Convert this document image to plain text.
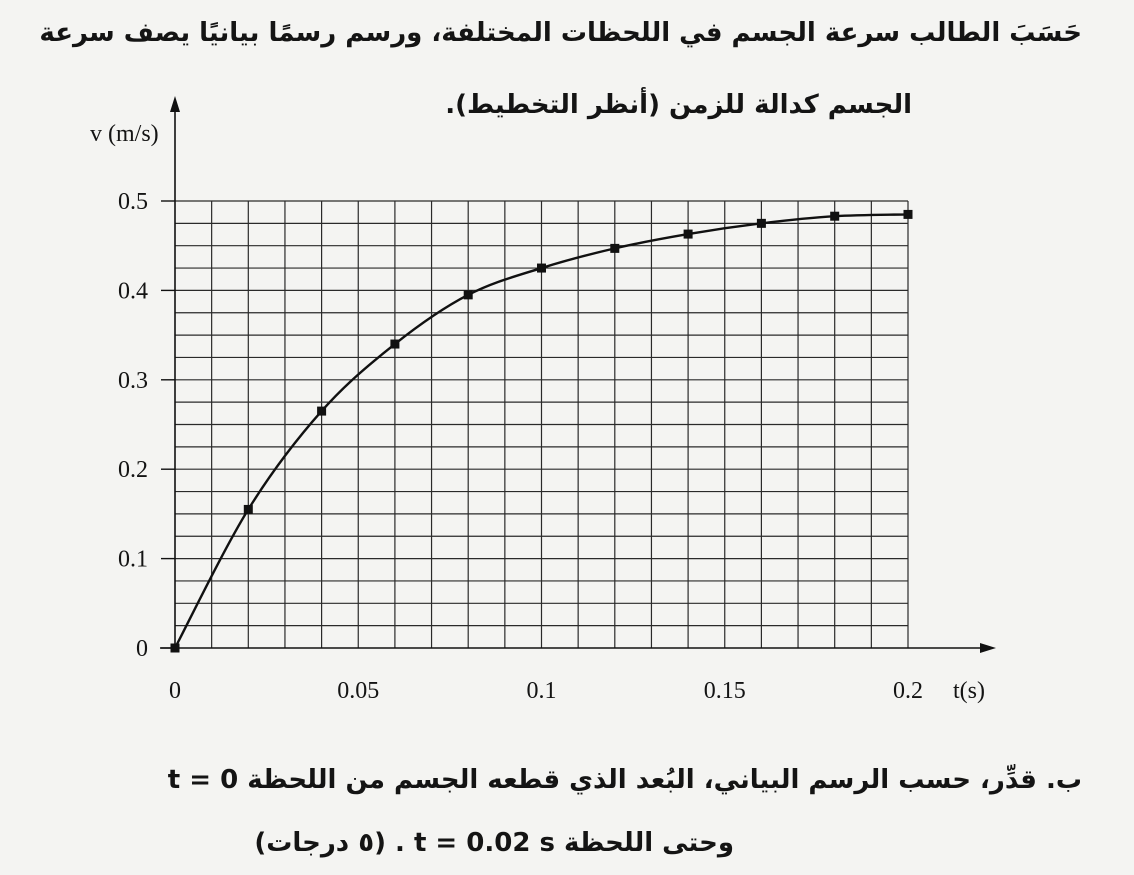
حَسَبَ الطالب سرعة الجسم في اللحظات المختلفة، ورسم رسمًا بيانيًا يصف سرعة
الجسم كدالة للزمن (أنظر التخطيط).
0
0.1
0.2
0.3
0.4
0.5
0	0.05	0.1	0.15	0.2
v (m/s)
t(s)
ب. قدِّر، حسب الرسم البياني، البُعد الذي قطعه الجسم من اللحظة t = 0
وحتى اللحظة t = 0.02 s . (٥ درجات)
